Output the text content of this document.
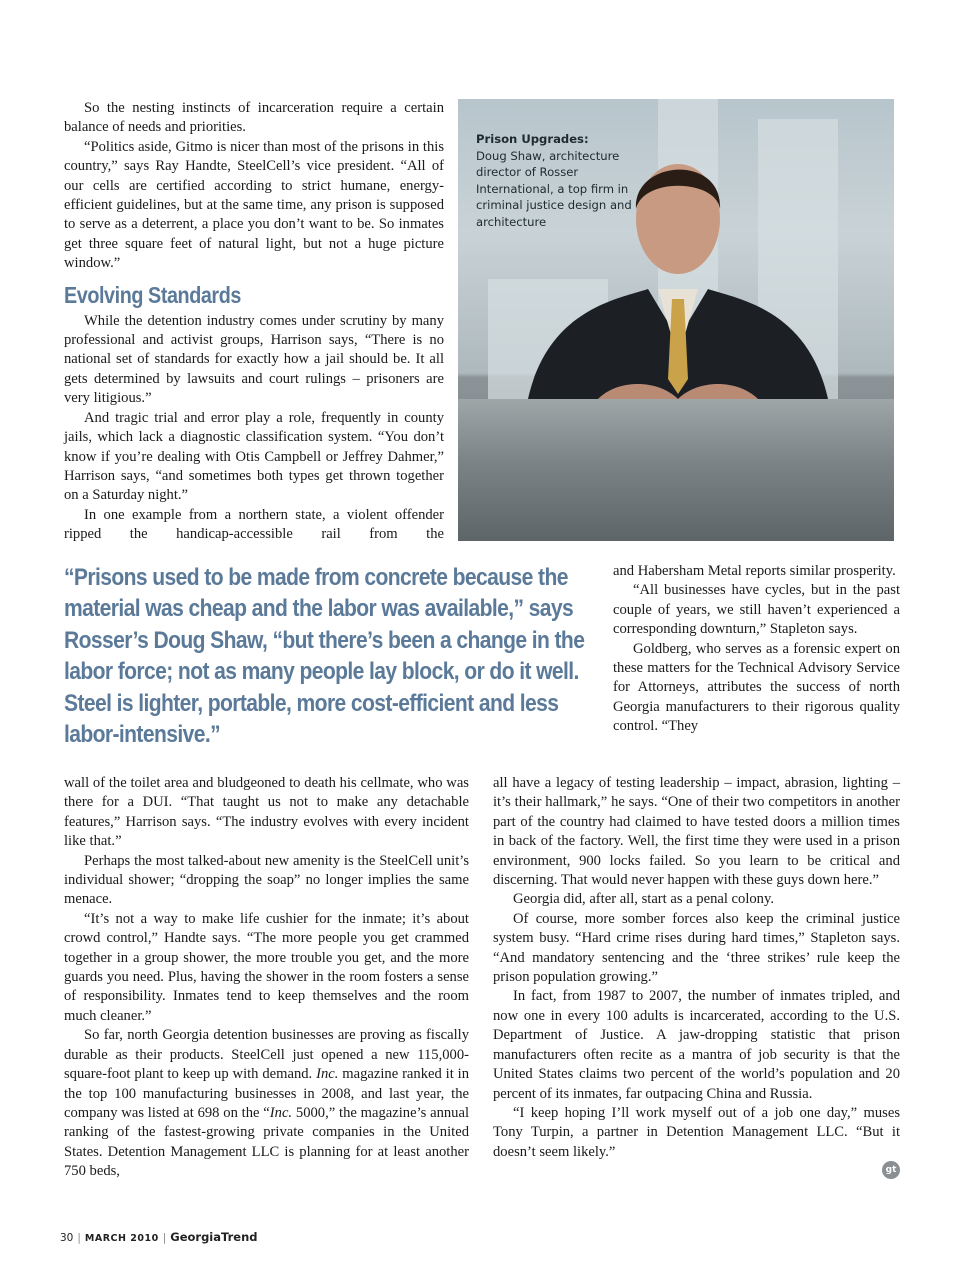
So the nesting instincts of incarceration require a certain balance of needs and priorities.

“Politics aside, Gitmo is nicer than most of the prisons in this country,” says Ray Handte, SteelCell’s vice president. “All of our cells are certified according to strict humane, energy-efficient guidelines, but at the same time, any prison is supposed to serve as a deterrent, a place you don’t want to be. So inmates get three square feet of natural light, but not a huge picture window.”

Evolving Standards

While the detention industry comes under scrutiny by many professional and activist groups, Harrison says, “There is no national set of standards for exactly how a jail should be. It all gets determined by lawsuits and court rulings – prisoners are very litigious.”

And tragic trial and error play a role, frequently in county jails, which lack a diagnostic classification system. “You don’t know if you’re dealing with Otis Campbell or Jeffrey Dahmer,” Harrison says, “and sometimes both types get thrown together on a Saturday night.”

In one example from a northern state, a violent offender ripped the handicap-accessible rail from the

Prison Upgrades:
Doug Shaw, architecture director of Rosser International, a top firm in criminal justice design and architecture

“Prisons used to be made from concrete because the material was cheap and the labor was available,” says Rosser’s Doug Shaw, “but there’s been a change in the labor force; not as many people lay block, or do it well. Steel is lighter, portable, more cost-efficient and less labor-intensive.”

and Habersham Metal reports similar prosperity.

“All businesses have cycles, but in the past couple of years, we still haven’t experienced a corresponding downturn,” Stapleton says.

Goldberg, who serves as a forensic expert on these matters for the Technical Advisory Service for Attorneys, attributes the success of north Georgia manufacturers to their rigorous quality control. “They

wall of the toilet area and bludgeoned to death his cellmate, who was there for a DUI. “That taught us not to make any detachable features,” Harrison says. “The industry evolves with every incident like that.”

Perhaps the most talked-about new amenity is the SteelCell unit’s individual shower; “dropping the soap” no longer implies the same menace.

“It’s not a way to make life cushier for the inmate; it’s about crowd control,” Handte says. “The more people you get crammed together in a group shower, the more trouble you get, and the more guards you need. Plus, having the shower in the room fosters a sense of responsibility. Inmates tend to keep themselves and the room much cleaner.”

So far, north Georgia detention businesses are proving as fiscally durable as their products. SteelCell just opened a new 115,000-square-foot plant to keep up with demand. Inc. magazine ranked it in the top 100 manufacturing businesses in 2008, and last year, the company was listed at 698 on the “Inc. 5000,” the magazine’s annual ranking of the fastest-growing private companies in the United States. Detention Management LLC is planning for at least another 750 beds,

all have a legacy of testing leadership – impact, abrasion, lighting – it’s their hallmark,” he says. “One of their two competitors in another part of the country had claimed to have tested doors a million times in back of the factory. Well, the first time they were used in a prison environment, 900 locks failed. So you learn to be critical and discerning. That would never happen with these guys down here.”

Georgia did, after all, start as a penal colony.

Of course, more somber forces also keep the criminal justice system busy. “Hard crime rises during hard times,” Stapleton says. “And mandatory sentencing and the ‘three strikes’ rule keep the prison population growing.”

In fact, from 1987 to 2007, the number of inmates tripled, and now one in every 100 adults is incarcerated, according to the U.S. Department of Justice. A jaw-dropping statistic that prison manufacturers often recite as a mantra of job security is that the United States claims two percent of the world’s population and 20 percent of its inmates, far outpacing China and Russia.

“I keep hoping I’ll work myself out of a job one day,” muses Tony Turpin, a partner in Detention Management LLC. “But it doesn’t seem likely.”

gt
30 | MARCH 2010 | GeorgiaTrend
